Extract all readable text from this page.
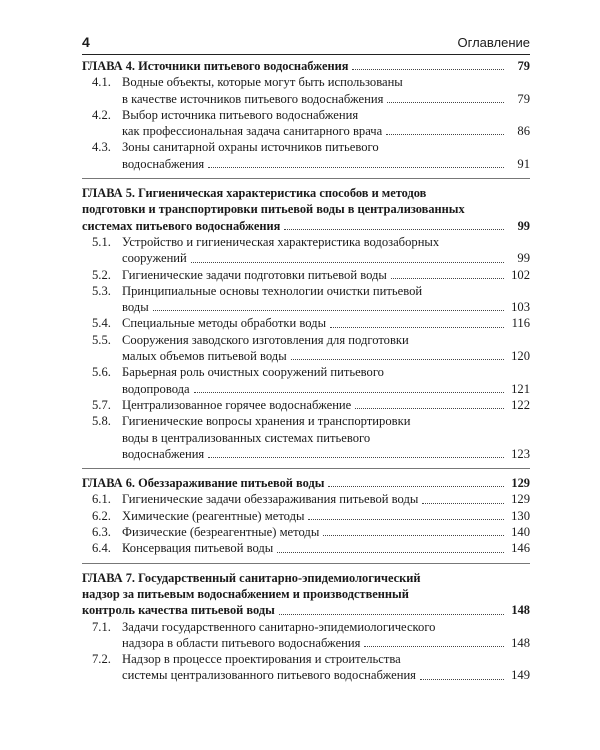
4	Оглавление
ГЛАВА 4. Источники питьевого водоснабжения	79
4.1. Водные объекты, которые могут быть использованы
в качестве источников питьевого водоснабжения	79
4.2. Выбор источника питьевого водоснабжения
как профессиональная задача санитарного врача	86
4.3. Зоны санитарной охраны источников питьевого
водоснабжения	91
ГЛАВА 5. Гигиеническая характеристика способов и методов
подготовки и транспортировки питьевой воды в централизованных
системах питьевого водоснабжения	99
5.1. Устройство и гигиеническая характеристика водозаборных
сооружений	99
5.2. Гигиенические задачи подготовки питьевой воды	102
5.3. Принципиальные основы технологии очистки питьевой
воды	103
5.4. Специальные методы обработки воды	116
5.5. Сооружения заводского изготовления для подготовки
малых объемов питьевой воды	120
5.6. Барьерная роль очистных сооружений питьевого
водопровода	121
5.7. Централизованное горячее водоснабжение	122
5.8. Гигиенические вопросы хранения и транспортировки
воды в централизованных системах питьевого
водоснабжения	123
ГЛАВА 6. Обеззараживание питьевой воды	129
6.1. Гигиенические задачи обеззараживания питьевой воды	129
6.2. Химические (реагентные) методы	130
6.3. Физические (безреагентные) методы	140
6.4. Консервация питьевой воды	146
ГЛАВА 7. Государственный санитарно-эпидемиологический
надзор за питьевым водоснабжением и производственный
контроль качества питьевой воды	148
7.1. Задачи государственного санитарно-эпидемиологического
надзора в области питьевого водоснабжения	148
7.2. Надзор в процессе проектирования и строительства
системы централизованного питьевого водоснабжения	149
